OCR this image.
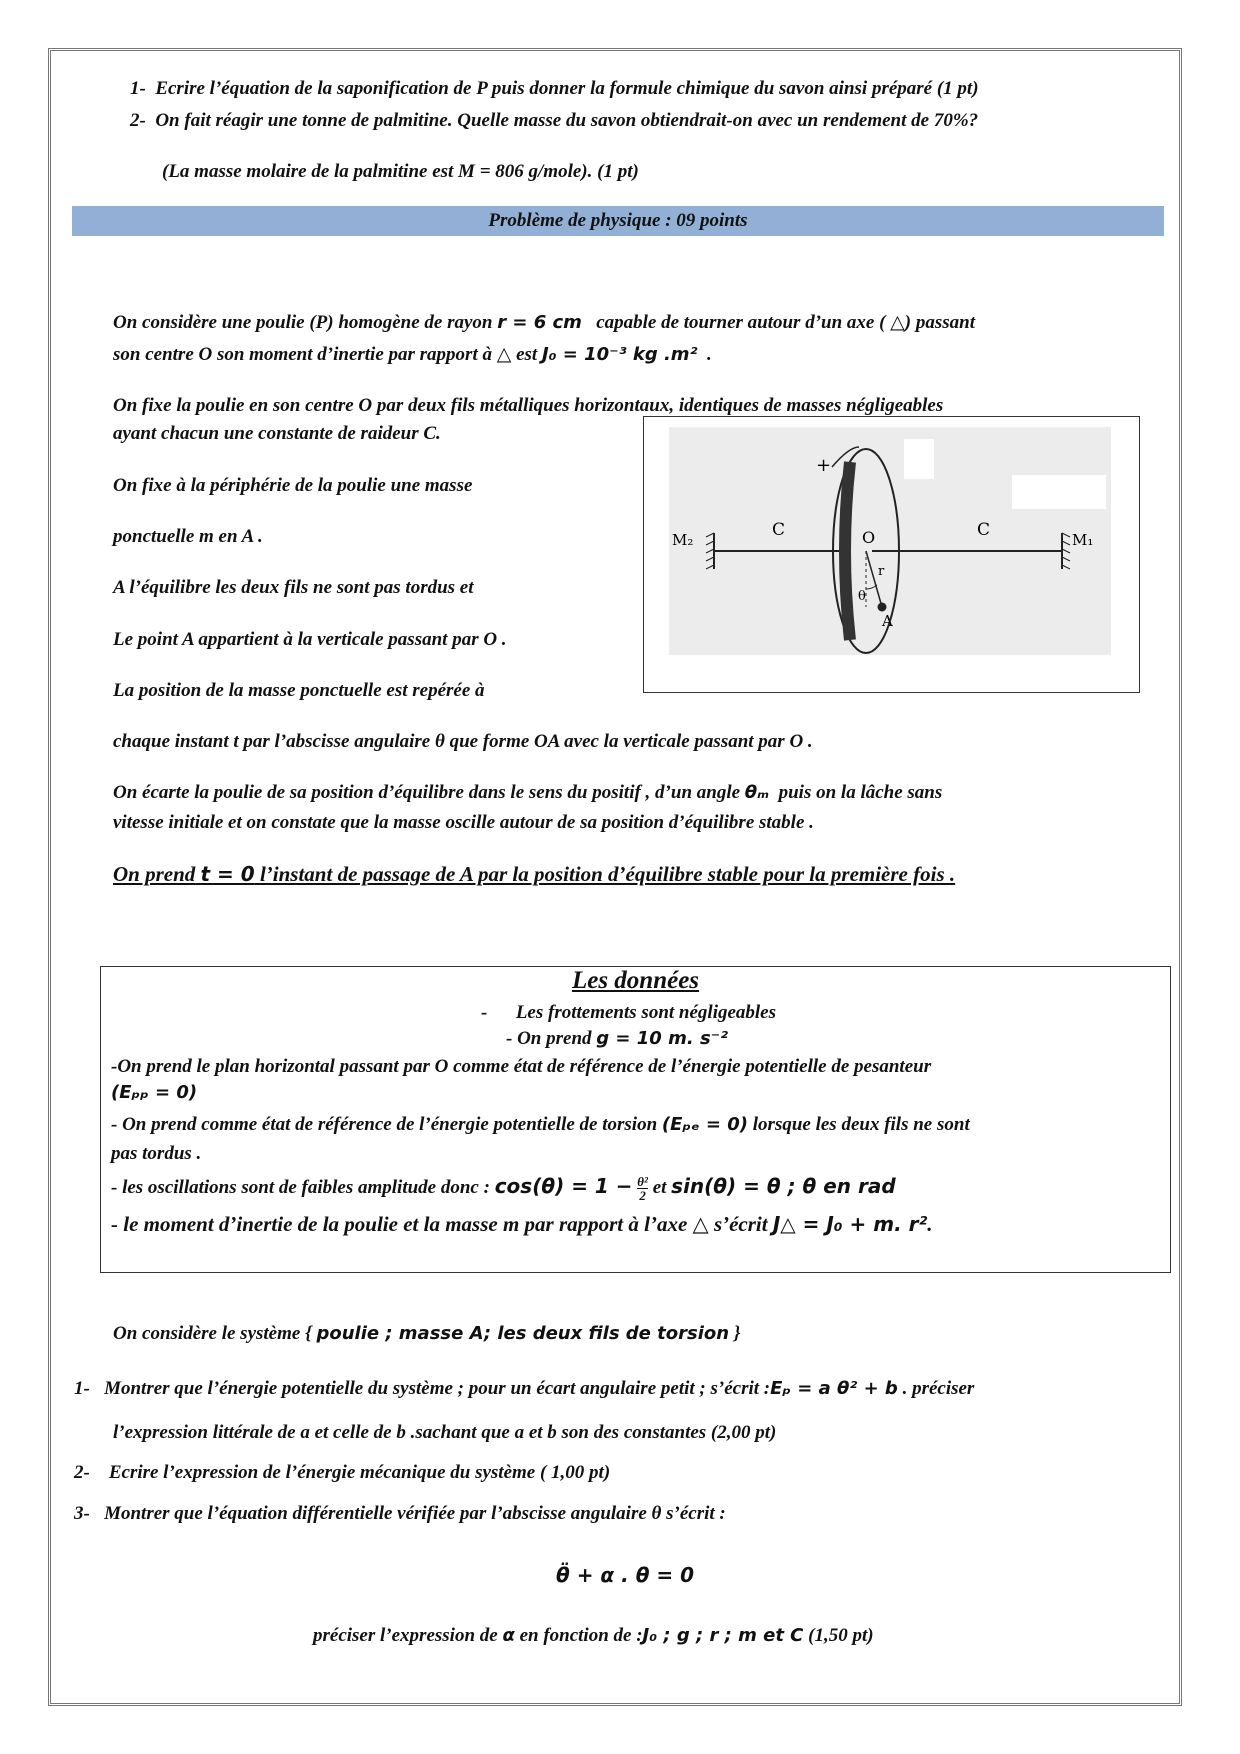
1- Ecrire l’équation de la saponification de P puis donner la formule chimique du savon ainsi préparé (1 pt)
2- On fait réagir une tonne de palmitine. Quelle masse du savon obtiendrait-on avec un rendement de 70%?
(La masse molaire de la palmitine est M = 806 g/mole). (1 pt)
Problème de physique : 09 points
On considère une poulie (P) homogène de rayon r = 6 cm capable de tourner autour d’un axe ( △) passant
son centre O son moment d’inertie par rapport à △ est J₀ = 10⁻³ kg .m² .
On fixe la poulie en son centre O par deux fils métalliques horizontaux, identiques de masses négligeables
ayant chacun une constante de raideur C.
On fixe à la périphérie de la poulie une masse
ponctuelle m en A .
A l’équilibre les deux fils ne sont pas tordus et
Le point A appartient à la verticale passant par O .
La position de la masse ponctuelle est repérée à
chaque instant t par l’abscisse angulaire θ que forme OA avec la verticale passant par O .
On écarte la poulie de sa position d’équilibre dans le sens du positif , d’un angle θₘ puis on la lâche sans
vitesse initiale et on constate que la masse oscille autour de sa position d’équilibre stable .
On prend t = 0 l’instant de passage de A par la position d’équilibre stable pour la première fois .
+
C	C
M₂	M₁
O
r
θ
A
Les données
- Les frottements sont négligeables
- On prend g = 10 m. s⁻²
-On prend le plan horizontal passant par O comme état de référence de l’énergie potentielle de pesanteur
(Eₚₚ = 0)
- On prend comme état de référence de l’énergie potentielle de torsion (Eₚₑ = 0) lorsque les deux fils ne sont
pas tordus .
- les oscillations sont de faibles amplitude donc : $\cos(\theta) = 1 - \frac{\text{θ²}}{2}$ et sin(θ) = θ ; θ en rad
- le moment d’inertie de la poulie et la masse m par rapport à l’axe △ s’écrit J△ = J₀ + m. r².
On considère le système { poulie ; masse A; les deux fils de torsion }
1- Montrer que l’énergie potentielle du système ; pour un écart angulaire petit ; s’écrit :Eₚ = a θ² + b . préciser
l’expression littérale de a et celle de b .sachant que a et b son des constantes (2,00 pt)
2- Ecrire l’expression de l’énergie mécanique du système ( 1,00 pt)
3- Montrer que l’équation différentielle vérifiée par l’abscisse angulaire θ s’écrit :
θ̈ + α . θ = 0
préciser l’expression de α en fonction de :J₀ ; g ; r ; m et C (1,50 pt)
